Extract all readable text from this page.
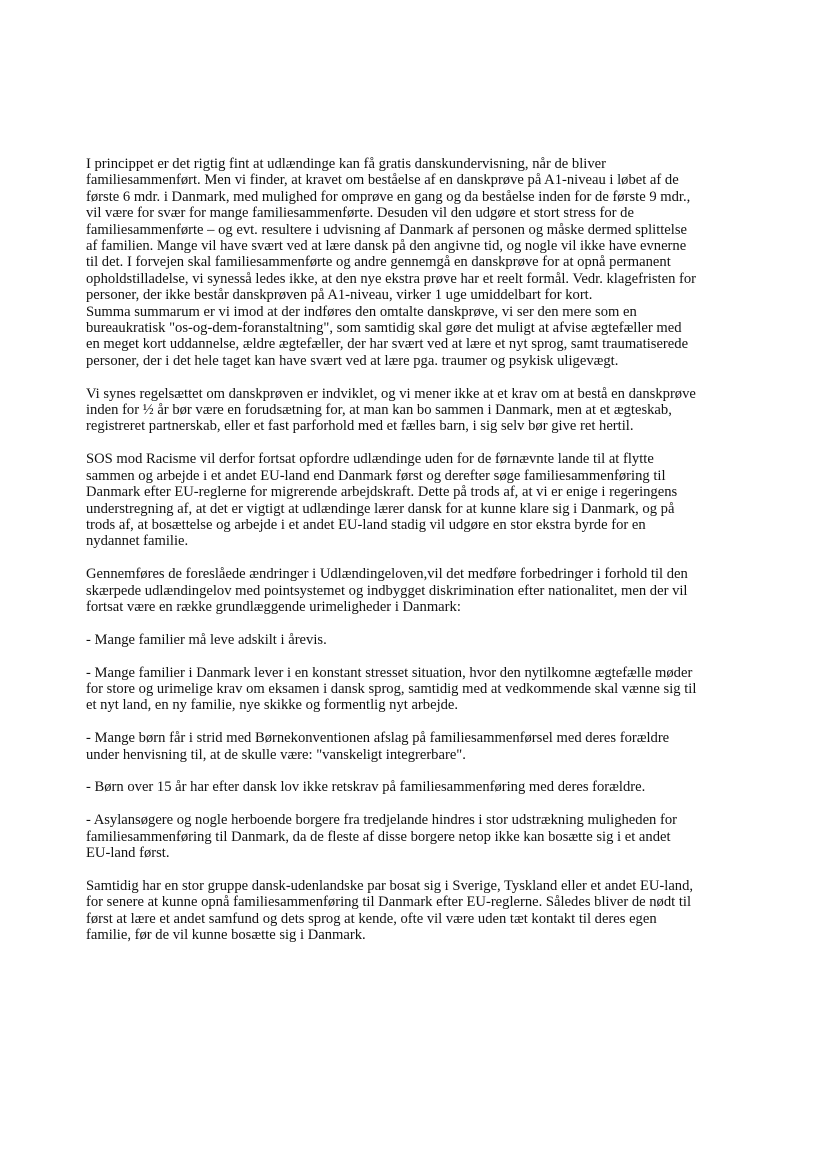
I princippet er det rigtig fint at udlændinge kan få gratis danskundervisning, når de bliver
familiesammenført. Men vi finder, at kravet om beståelse af en danskprøve på A1-niveau i løbet af de
første 6 mdr. i Danmark, med mulighed for omprøve en gang og da beståelse inden for de første 9 mdr.,
vil være for svær for mange familiesammenførte. Desuden vil den udgøre et stort stress for de
familiesammenførte – og evt. resultere i udvisning af Danmark af personen og måske dermed splittelse
af familien. Mange vil have svært ved at lære dansk på den angivne tid, og nogle vil ikke have evnerne
til det. I forvejen skal familiesammenførte og andre gennemgå en danskprøve for at opnå permanent
opholdstilladelse, vi synesså ledes ikke, at den nye ekstra prøve har et reelt formål. Vedr. klagefristen for
personer, der ikke består danskprøven på A1-niveau, virker 1 uge umiddelbart for kort.
Summa summarum er vi imod at der indføres den omtalte danskprøve, vi ser den mere som en
bureaukratisk "os-og-dem-foranstaltning", som samtidig skal gøre det muligt at afvise ægtefæller med
en meget kort uddannelse, ældre ægtefæller, der har svært ved at lære et nyt sprog, samt traumatiserede
personer, der i det hele taget kan have svært ved at lære pga. traumer og psykisk uligevægt.

Vi synes regelsættet om danskprøven er indviklet, og vi mener ikke at et krav om at bestå en danskprøve
inden for ½ år bør være en forudsætning for, at man kan bo sammen i Danmark, men at et ægteskab,
registreret partnerskab, eller et fast parforhold med et fælles barn, i sig selv bør give ret hertil.

SOS mod Racisme vil derfor fortsat opfordre udlændinge uden for de førnævnte lande til at flytte
sammen og arbejde i et andet EU-land end Danmark først og derefter søge familiesammenføring til
Danmark efter EU-reglerne for migrerende arbejdskraft. Dette på trods af, at vi er enige i regeringens
understregning af, at det er vigtigt at udlændinge lærer dansk for at kunne klare sig i Danmark, og på
trods af, at bosættelse og arbejde i et andet EU-land stadig vil udgøre en stor ekstra byrde for en
nydannet familie.

Gennemføres de foreslåede ændringer i Udlændingeloven,vil det medføre forbedringer i forhold til den
skærpede udlændingelov med pointsystemet og indbygget diskrimination efter nationalitet, men der vil
fortsat være en række grundlæggende urimeligheder i Danmark:

- Mange familier må leve adskilt i årevis.

- Mange familier i Danmark lever i en konstant stresset situation, hvor den nytilkomne ægtefælle møder
for store og urimelige krav om eksamen i dansk sprog, samtidig med at vedkommende skal vænne sig til
et nyt land, en ny familie, nye skikke og formentlig nyt arbejde.

- Mange børn får i strid med Børnekonventionen afslag på familiesammenførsel med deres forældre
under henvisning til, at de skulle være: "vanskeligt integrerbare".

- Børn over 15 år har efter dansk lov ikke retskrav på familiesammenføring med deres forældre.

- Asylansøgere og nogle herboende borgere fra tredjelande hindres i stor udstrækning muligheden for
familiesammenføring til Danmark, da de fleste af disse borgere netop ikke kan bosætte sig i et andet
EU-land først.

Samtidig har en stor gruppe dansk-udenlandske par bosat sig i Sverige, Tyskland eller et andet EU-land,
for senere at kunne opnå familiesammenføring til Danmark efter EU-reglerne. Således bliver de nødt til
først at lære et andet samfund og dets sprog at kende, ofte vil være uden tæt kontakt til deres egen
familie, før de vil kunne bosætte sig i Danmark.
